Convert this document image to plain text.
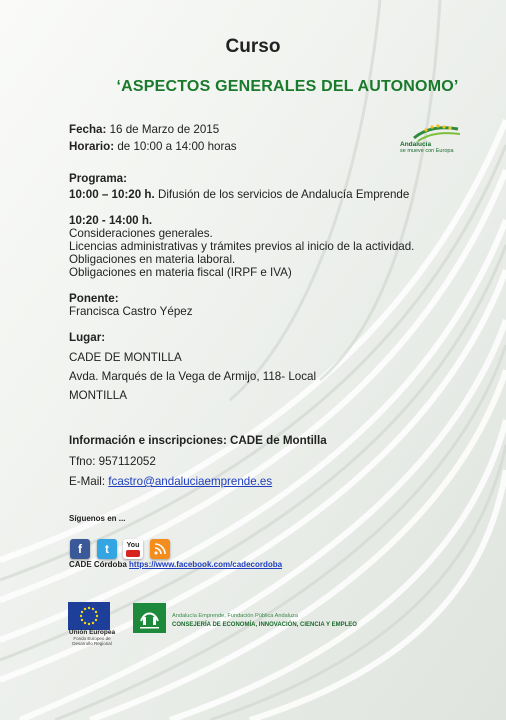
Curso
‘ASPECTOS GENERALES DEL AUTONOMO’
Andalucía
se mueve con Europa
Fecha: 16 de Marzo de 2015
Horario: de 10:00 a 14:00 horas
Programa:
10:00 – 10:20 h. Difusión de los servicios de Andalucía Emprende
10:20 - 14:00 h.
Consideraciones generales.
Licencias administrativas y trámites previos al inicio de la actividad.
Obligaciones en materia laboral.
Obligaciones en materia fiscal (IRPF e IVA)
Ponente:
Francisca Castro Yépez
Lugar:
CADE DE MONTILLA
Avda. Marqués de la Vega de Armijo, 118- Local
MONTILLA
Información e inscripciones: CADE de Montilla
Tfno: 957112052
E-Mail: fcastro@andaluciaemprende.es
Síguenos en ...
f	t	You
CADE Córdoba https://www.facebook.com/cadecordoba
Unión Europea
Fondo Europeo de Desarrollo Regional
Andalucía Emprende, Fundación Pública Andaluza
CONSEJERÍA DE ECONOMÍA, INNOVACIÓN, CIENCIA Y EMPLEO
